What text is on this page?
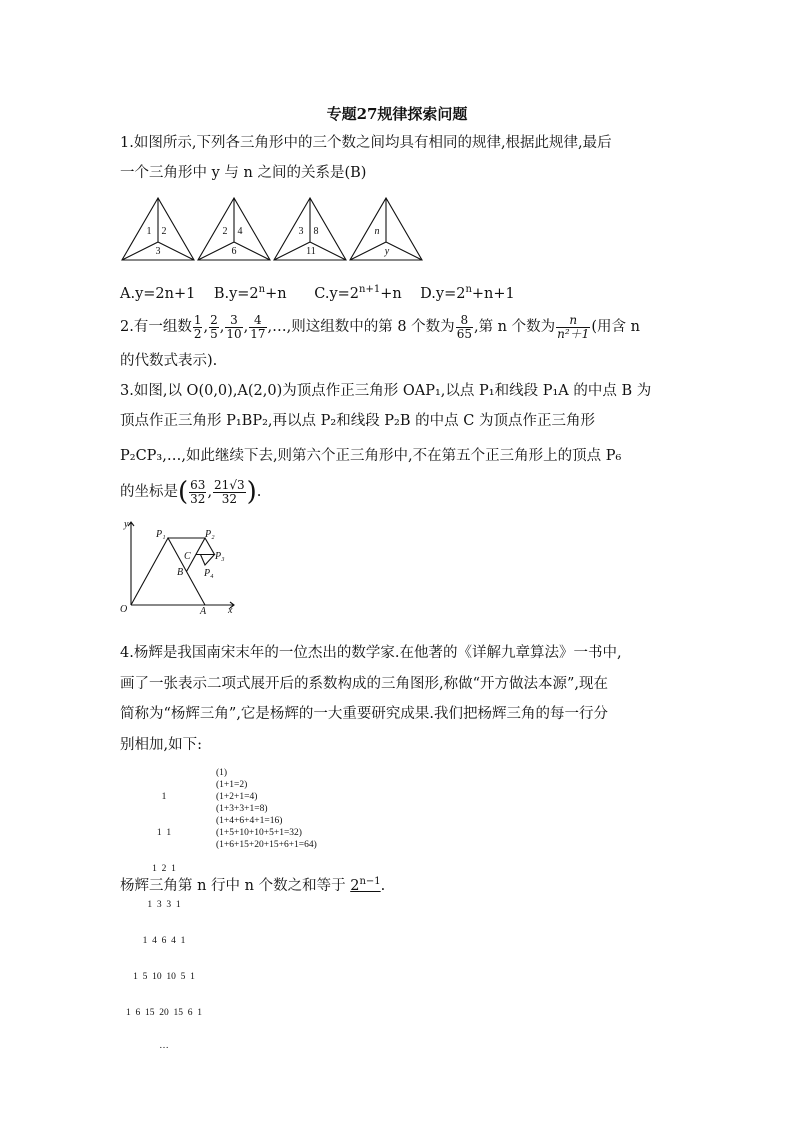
专题27规律探索问题
1.如图所示,下列各三角形中的三个数之间均具有相同的规律,根据此规律,最后
一个三角形中 y 与 n 之间的关系是(B)
1 2
3
2 4
6
3 8
11
n
y
A.y=2n+1 $B.y=2^n+n$ $C.y=2^{n+1}+n$ $D.y=2^n+n+1$
2.有一组数 $\frac{1}{2}$ , $\frac{2}{5}$ , $\frac{3}{10}$ , $\frac{4}{17}$ ,…,则这组数中的第 8 个数为 $\frac{8}{65}$ ,第 n 个数为 $\frac{n}{\text{n²＋1}}$ (用含 n
的代数式表示).
3.如图,以 O(0,0),A(2,0)为顶点作正三角形 OAP₁,以点 P₁和线段 P₁A 的中点 B 为
顶点作正三角形 P₁BP₂,再以点 P₂和线段 P₂B 的中点 C 为顶点作正三角形
P₂CP₃,…,如此继续下去,则第六个正三角形中,不在第五个正三角形上的顶点 P₆
的坐标是( $\frac{63}{32}$ , $\frac{21√3}{32}$ ).
y
x
O	A
B
C
P₁	P₂
P₃
P₄
4.杨辉是我国南宋末年的一位杰出的数学家.在他著的《详解九章算法》一书中,
画了一张表示二项式展开后的系数构成的三角图形,称做“开方做法本源”,现在
简称为“杨辉三角”,它是杨辉的一大重要研究成果.我们把杨辉三角的每一行分
别相加,如下:

1

1  1

1  2  1

1  3  3  1

1  4  6  4  1

1  5  10  10  5  1

1  6  15  20  15  6  1

…

(1)
(1+1=2)
(1+2+1=4)
(1+3+3+1=8)
(1+4+6+4+1=16)
(1+5+10+10+5+1=32)
(1+6+15+20+15+6+1=64)
杨辉三角第 n 行中 n 个数之和等于 $2^{n-1}$.
